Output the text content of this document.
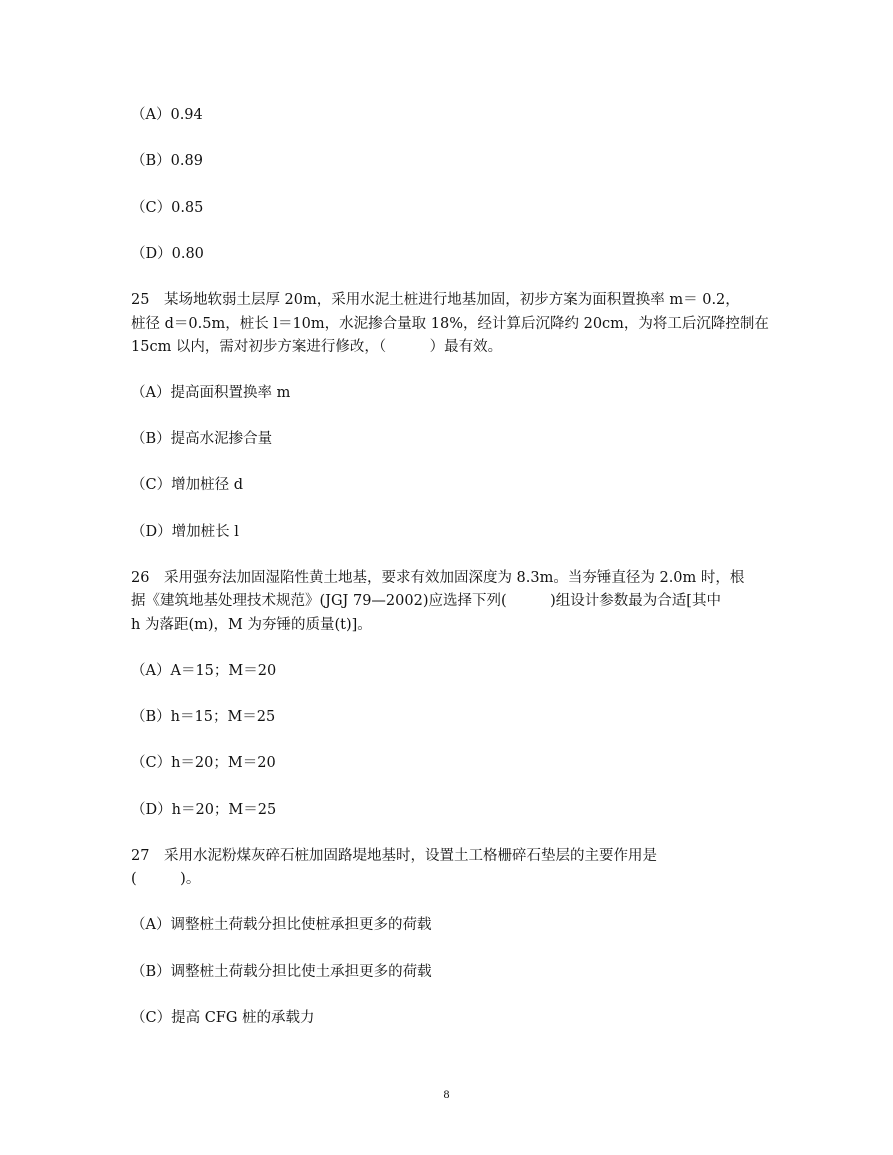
（A）0.94
（B）0.89
（C）0.85
（D）0.80
25　某场地软弱土层厚 20m，采用水泥土桩进行地基加固，初步方案为面积置换率 m＝ 0.2，
桩径 d＝0.5m，桩长 l＝10m，水泥掺合量取 18%，经计算后沉降约 20cm，为将工后沉降控制在
15cm 以内，需对初步方案进行修改，（　　　）最有效。
（A）提高面积置换率 m
（B）提高水泥掺合量
（C）增加桩径 d
（D）增加桩长 l
26　采用强夯法加固湿陷性黄土地基，要求有效加固深度为 8.3m。当夯锤直径为 2.0m 时，根
据《建筑地基处理技术规范》(JGJ 79—2002)应选择下列(　　　)组设计参数最为合适[其中
h 为落距(m)，M 为夯锤的质量(t)]。
（A）A＝15；M＝20
（B）h＝15；M＝25
（C）h＝20；M＝20
（D）h＝20；M＝25
27　采用水泥粉煤灰碎石桩加固路堤地基时，设置土工格栅碎石垫层的主要作用是
(　　　)。
（A）调整桩土荷载分担比使桩承担更多的荷载
（B）调整桩土荷载分担比使土承担更多的荷载
（C）提高 CFG 桩的承载力
8
